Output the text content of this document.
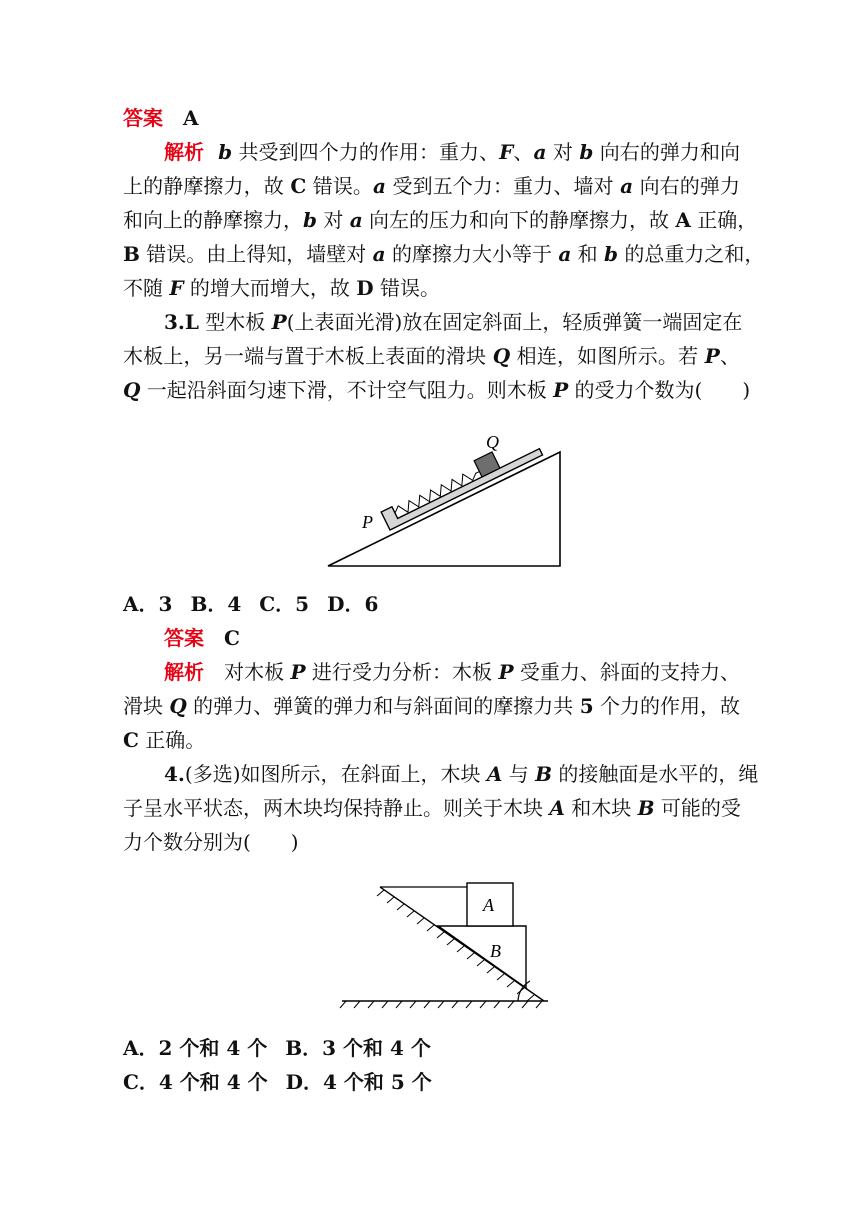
答案 A
解析 b 共受到四个力的作用：重力、F、a 对 b 向右的弹力和向
上的静摩擦力，故 C 错误。a 受到五个力：重力、墙对 a 向右的弹力
和向上的静摩擦力，b 对 a 向左的压力和向下的静摩擦力，故 A 正确，
B 错误。由上得知，墙壁对 a 的摩擦力大小等于 a 和 b 的总重力之和，
不随 F 的增大而增大，故 D 错误。
3.L 型木板 P(上表面光滑)放在固定斜面上，轻质弹簧一端固定在
木板上，另一端与置于木板上表面的滑块 Q 相连，如图所示。若 P、
Q 一起沿斜面匀速下滑，不计空气阻力。则木板 P 的受力个数为(　　)
P
Q
A．3 B．4 C．5 D．6
答案 C
解析 对木板 P 进行受力分析：木板 P 受重力、斜面的支持力、
滑块 Q 的弹力、弹簧的弹力和与斜面间的摩擦力共 5 个力的作用，故
C 正确。
4.(多选)如图所示，在斜面上，木块 A 与 B 的接触面是水平的，绳
子呈水平状态，两木块均保持静止。则关于木块 A 和木块 B 可能的受
力个数分别为(　　)
A
B
A．2 个和 4 个 B．3 个和 4 个
C．4 个和 4 个 D．4 个和 5 个
